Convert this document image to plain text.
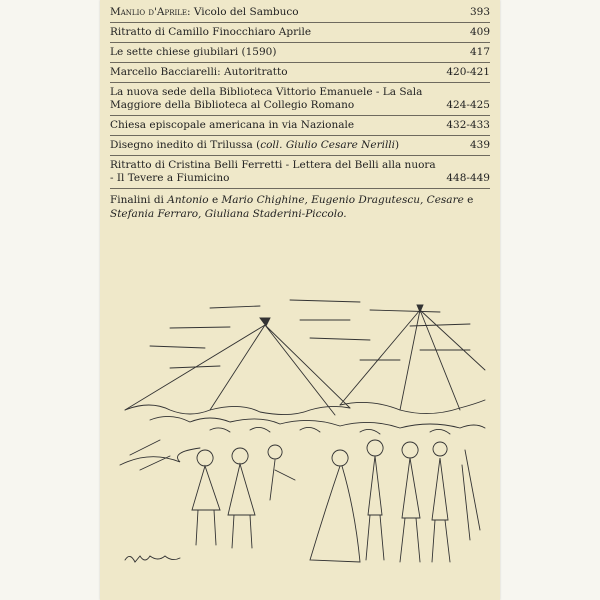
Manlio d'Aprile: Vicolo del Sambuco	393
Ritratto di Camillo Finocchiaro Aprile	409
Le sette chiese giubilari (1590)	417
Marcello Bacciarelli: Autoritratto	420-421
La nuova sede della Biblioteca Vittorio Emanuele - La Sala Maggiore della Biblioteca al Collegio Romano	424-425
Chiesa episcopale americana in via Nazionale	432-433
Disegno inedito di Trilussa (coll. Giulio Cesare Nerilli)	439
Ritratto di Cristina Belli Ferretti - Lettera del Belli alla nuora - Il Tevere a Fiumicino	448-449
Finalini di Antonio e Mario Chighine, Eugenio Dragutescu, Cesare e Stefania Ferraro, Giuliana Staderini-Piccolo.
